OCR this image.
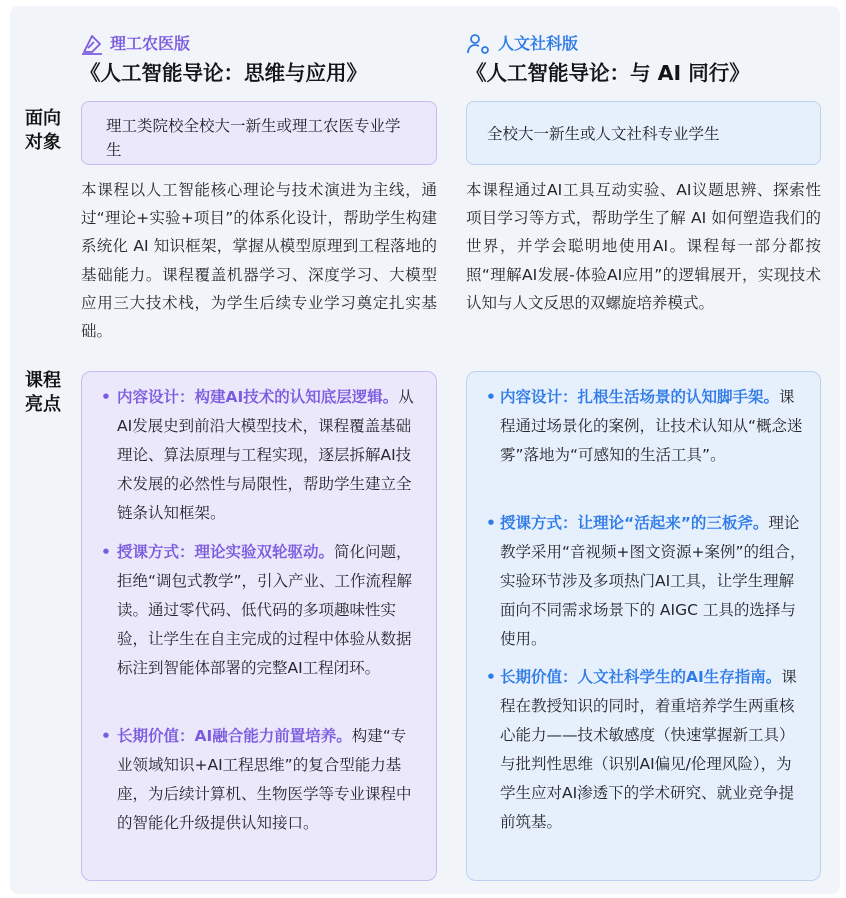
理工农医版
《人工智能导论：思维与应用》
人文社科版
《人工智能导论：与 AI 同行》
面向
对象
课程
亮点
理工类院校全校大一新生或理工农医专业学生
全校大一新生或人文社科专业学生
本课程以人工智能核心理论与技术演进为主线，通过“理论+实验+项目”的体系化设计，帮助学生构建系统化 AI 知识框架，掌握从模型原理到工程落地的基础能力。课程覆盖机器学习、深度学习、大模型应用三大技术栈，为学生后续专业学习奠定扎实基础。
本课程通过AI工具互动实验、AI议题思辨、探索性项目学习等方式，帮助学生了解 AI 如何塑造我们的世界，并学会聪明地使用AI。课程每一部分都按照“理解AI发展-体验AI应用”的逻辑展开，实现技术认知与人文反思的双螺旋培养模式。
• 内容设计：构建AI技术的认知底层逻辑。从AI发展史到前沿大模型技术，课程覆盖基础理论、算法原理与工程实现，逐层拆解AI技术发展的必然性与局限性，帮助学生建立全链条认知框架。
• 授课方式：理论实验双轮驱动。简化问题，拒绝“调包式教学”，引入产业、工作流程解读。通过零代码、低代码的多项趣味性实验，让学生在自主完成的过程中体验从数据标注到智能体部署的完整AI工程闭环。
• 长期价值：AI融合能力前置培养。构建“专业领域知识+AI工程思维”的复合型能力基座，为后续计算机、生物医学等专业课程中的智能化升级提供认知接口。
• 内容设计：扎根生活场景的认知脚手架。课程通过场景化的案例，让技术认知从“概念迷雾”落地为“可感知的生活工具”。
• 授课方式：让理论“活起来”的三板斧。理论教学采用“音视频+图文资源+案例”的组合，实验环节涉及多项热门AI工具，让学生理解面向不同需求场景下的 AIGC 工具的选择与使用。
• 长期价值：人文社科学生的AI生存指南。课程在教授知识的同时，着重培养学生两重核心能力——技术敏感度（快速掌握新工具）与批判性思维（识别AI偏见/伦理风险），为学生应对AI渗透下的学术研究、就业竞争提前筑基。
